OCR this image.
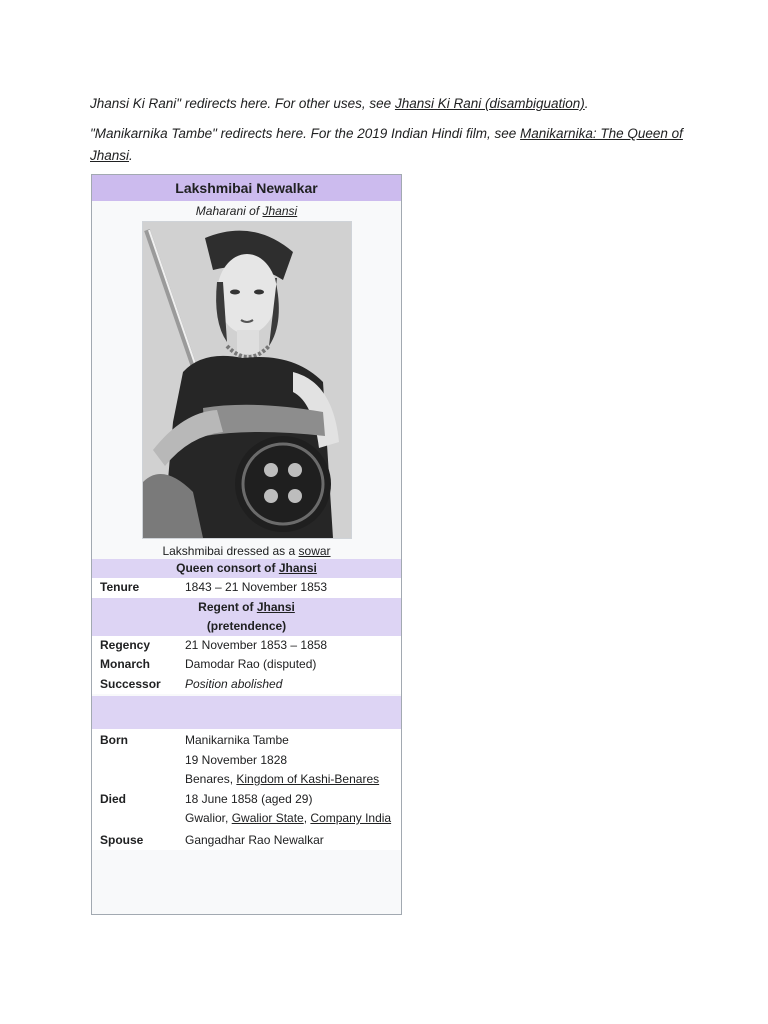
Jhansi Ki Rani" redirects here. For other uses, see Jhansi Ki Rani (disambiguation).
"Manikarnika Tambe" redirects here. For the 2019 Indian Hindi film, see Manikarnika: The Queen of Jhansi.
Lakshmibai Newalkar
Maharani of Jhansi
Lakshmibai dressed as a sowar
Queen consort of Jhansi
Tenure	1843 – 21 November 1853
Regent of Jhansi
(pretendence)
Regency	21 November 1853 – 1858
Monarch	Damodar Rao (disputed)
Successor	Position abolished
Born	Manikarnika Tambe
19 November 1828
Benares, Kingdom of Kashi-Benares
Died	18 June 1858 (aged 29)
Gwalior, Gwalior State, Company India
Spouse	Gangadhar Rao Newalkar
